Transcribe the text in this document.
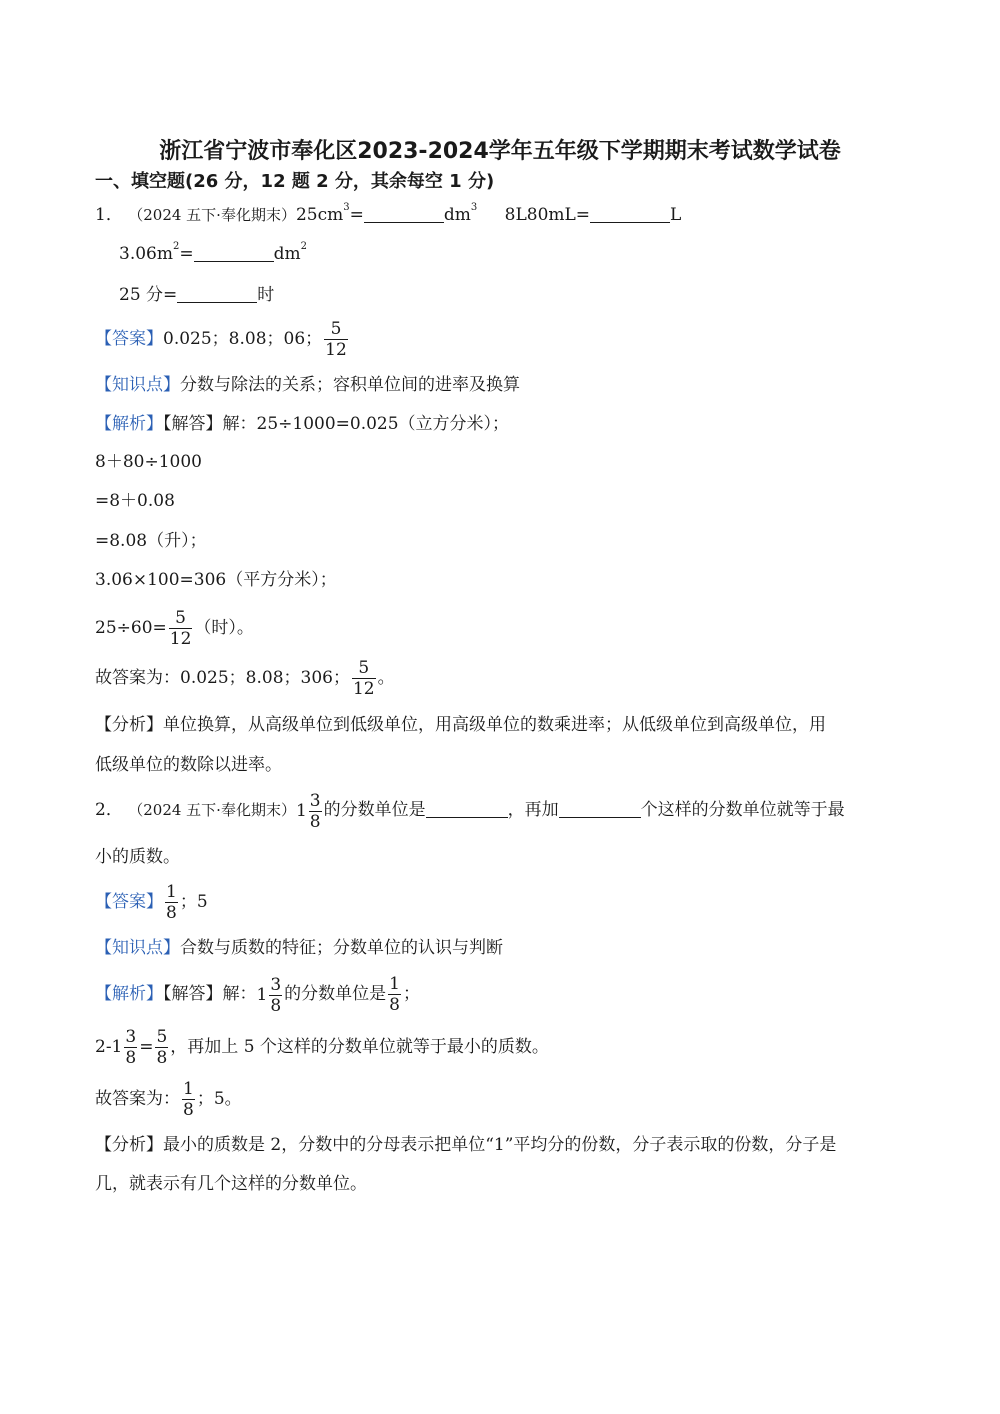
浙江省宁波市奉化区2023-2024学年五年级下学期期末考试数学试卷
一、填空题(26 分，12 题 2 分，其余每空 1 分)
1． （2024 五下·奉化期末）$25cm^3=$	$dm^3$ 8L80mL=	L
$3.06m^2=$	$dm^2$
25 分=	时
【答案】0.025；8.08；06； $\frac{5}{12}$
【知识点】分数与除法的关系；容积单位间的进率及换算
【解析】【解答】解：25÷1000=0.025（立方分米）；
8＋80÷1000
=8＋0.08
=8.08（升）；
3.06×100=306（平方分米）；
$25\div 60= \frac{5}{12}$ （时）。
故答案为：0.025；8.08；306； $\frac{5}{12}$ 。
【分析】单位换算，从高级单位到低级单位，用高级单位的数乘进率；从低级单位到高级单位，用
低级单位的数除以进率。
2． （2024 五下·奉化期末）$1 \frac{3}{8}$ 的分数单位是	，再加	个这样的分数单位就等于最
小的质数。
【答案】 $\frac{1}{8}$ ；5
【知识点】合数与质数的特征；分数单位的认识与判断
【解析】【解答】解：$1 \frac{3}{8}$ 的分数单位是 $\frac{1}{8}$ ；
$2-1 \frac{3}{8} = \frac{5}{8}$ ，再加上 5 个这样的分数单位就等于最小的质数。
故答案为： $\frac{1}{8}$ ；5。
【分析】最小的质数是 2，分数中的分母表示把单位“1”平均分的份数，分子表示取的份数，分子是
几，就表示有几个这样的分数单位。
